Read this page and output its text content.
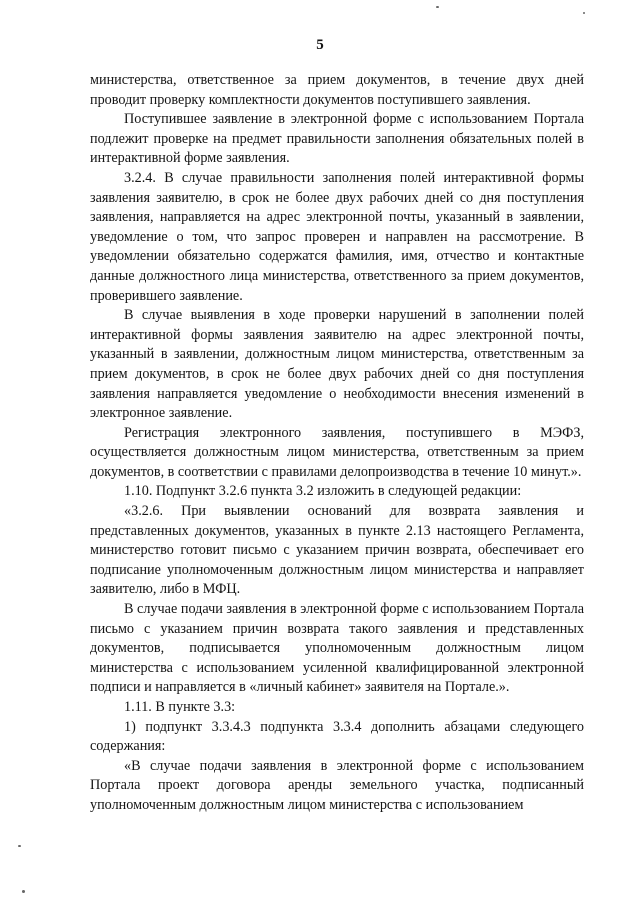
5

министерства, ответственное за прием документов, в течение двух дней проводит проверку комплектности документов поступившего заявления.

Поступившее заявление в электронной форме с использованием Портала подлежит проверке на предмет правильности заполнения обязательных полей в интерактивной форме заявления.

3.2.4. В случае правильности заполнения полей интерактивной формы заявления заявителю, в срок не более двух рабочих дней со дня поступления заявления, направляется на адрес электронной почты, указанный в заявлении, уведомление о том, что запрос проверен и направлен на рассмотрение. В уведомлении обязательно содержатся фамилия, имя, отчество и контактные данные должностного лица министерства, ответственного за прием документов, проверившего заявление.

В случае выявления в ходе проверки нарушений в заполнении полей интерактивной формы заявления заявителю на адрес электронной почты, указанный в заявлении, должностным лицом министерства, ответственным за прием документов, в срок не более двух рабочих дней со дня поступления заявления направляется уведомление о необходимости внесения изменений в электронное заявление.

Регистрация электронного заявления, поступившего в МЭФЗ, осуществляется должностным лицом министерства, ответственным за прием документов, в соответствии с правилами делопроизводства в течение 10 минут.».

1.10. Подпункт 3.2.6 пункта 3.2 изложить в следующей редакции:

«3.2.6. При выявлении оснований для возврата заявления и представленных документов, указанных в пункте 2.13 настоящего Регламента, министерство готовит письмо с указанием причин возврата, обеспечивает его подписание уполномоченным должностным лицом министерства и направляет заявителю, либо в МФЦ.

В случае подачи заявления в электронной форме с использованием Портала письмо с указанием причин возврата такого заявления и представленных документов, подписывается уполномоченным должностным лицом министерства с использованием усиленной квалифицированной электронной подписи и направляется в «личный кабинет» заявителя на Портале.».

1.11. В пункте 3.3:

1) подпункт 3.3.4.3 подпункта 3.3.4 дополнить абзацами следующего содержания:

«В случае подачи заявления в электронной форме с использованием Портала проект договора аренды земельного участка, подписанный уполномоченным должностным лицом министерства с использованием
